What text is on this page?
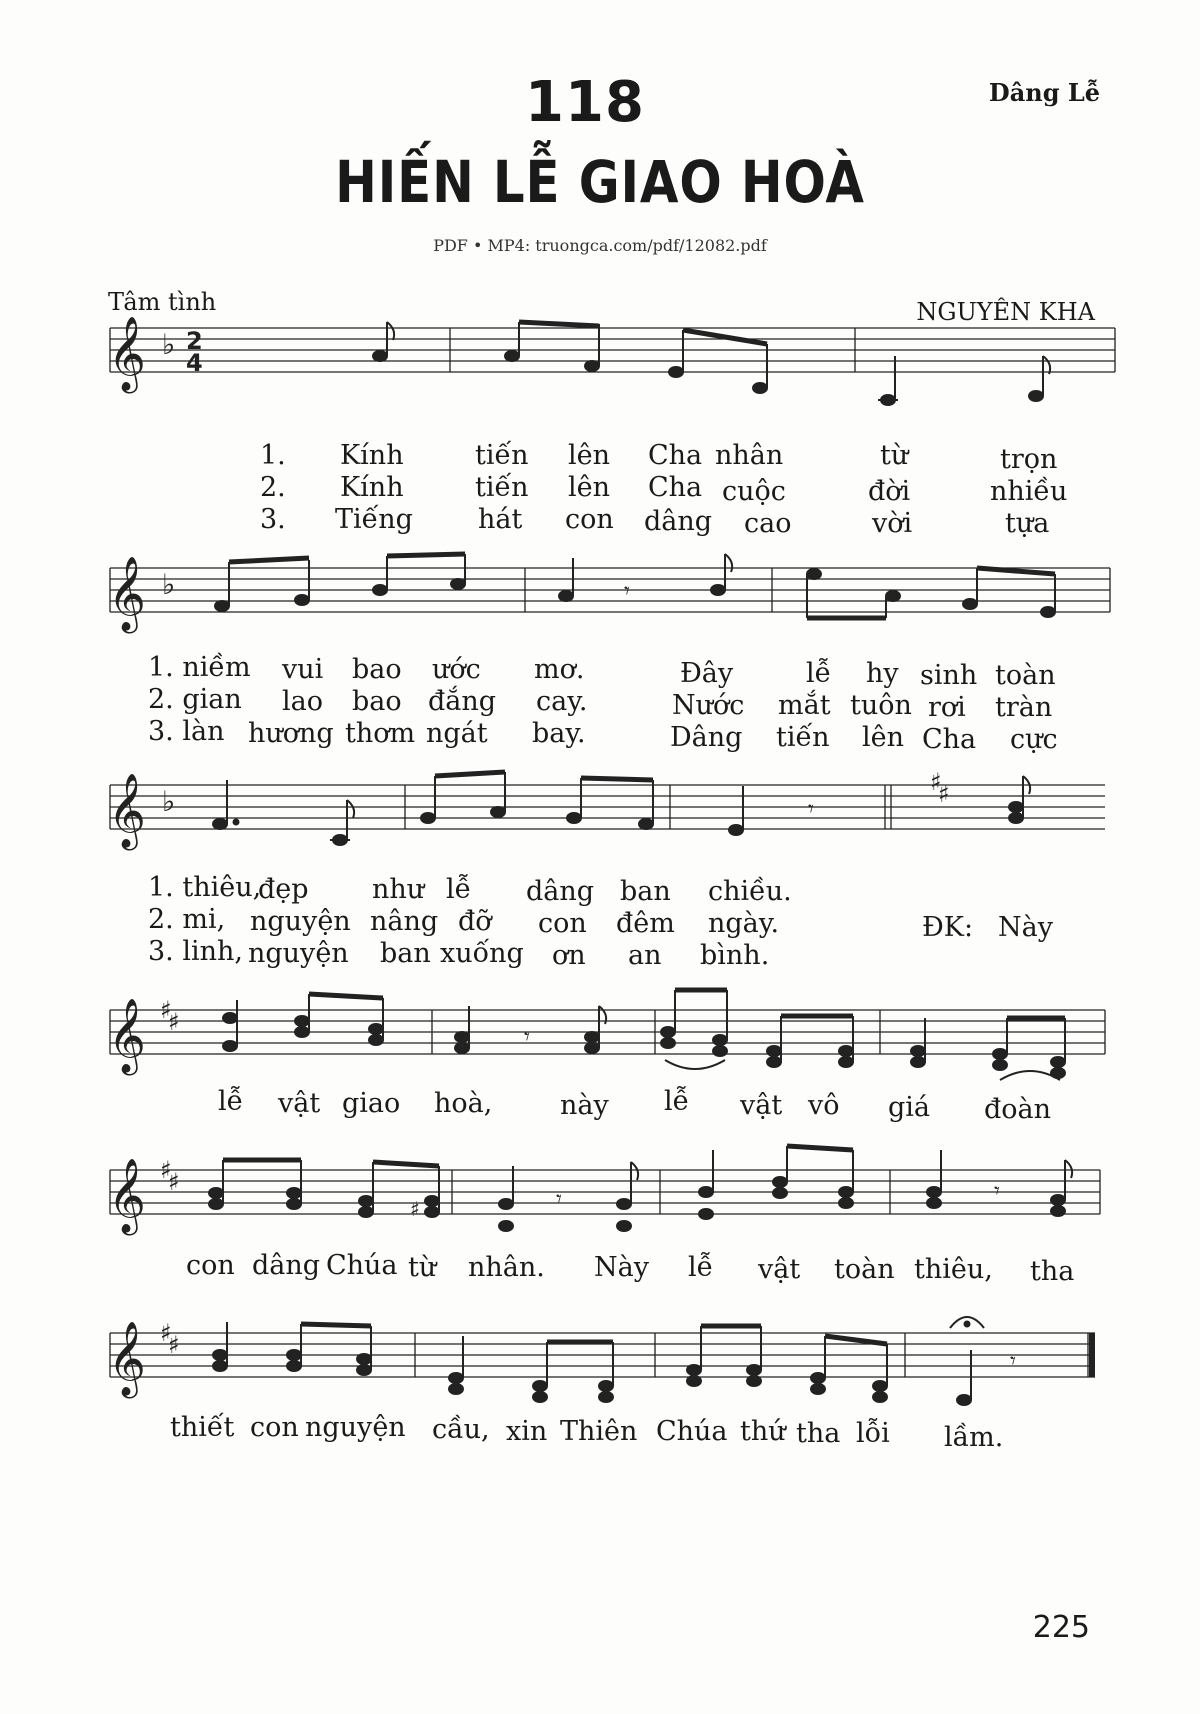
118
HIẾN LỄ GIAO HOÀ
Dâng Lễ
PDF • MP4: truongca.com/pdf/12082.pdf
Tâm tình	NGUYÊN KHA
𝄞
𝄞
𝄞
𝄞
𝄞
𝄞
♭
♭
♭
2
4
♯
♯
♯
♯
♯
♯
♯
♯
𝄾
𝄾
𝄾
♯	𝄾	𝄾
𝄾
1. Kính	tiến lên Cha nhân	từ	trọn
2. Kính	tiến lên Cha cuộc	đời	nhiều
3. Tiếng hát con dâng cao	vời	tựa
1. niềm vui bao ước mơ.	Đây	lễ hy sinh toàn
2. gian lao bao đắng cay.	Nước mắt tuôn rơi tràn
3. làn hương thơm ngát bay.	Dâng tiến lên Cha cực
1. thiêu,
đẹp như lễ dâng ban chiều.
2. mi, nguyện nâng đỡ con đêm ngày.	ĐK: Này
3. linh, nguyện ban xuống ơn an bình.
lễ vật giao hoà,	này lễ vật vô giá đoàn
con dâng Chúa từ nhân. Này lễ vật toàn thiêu, tha
thiết con nguyện cầu, xin Thiên Chúa thứ tha lỗi lầm.
225
